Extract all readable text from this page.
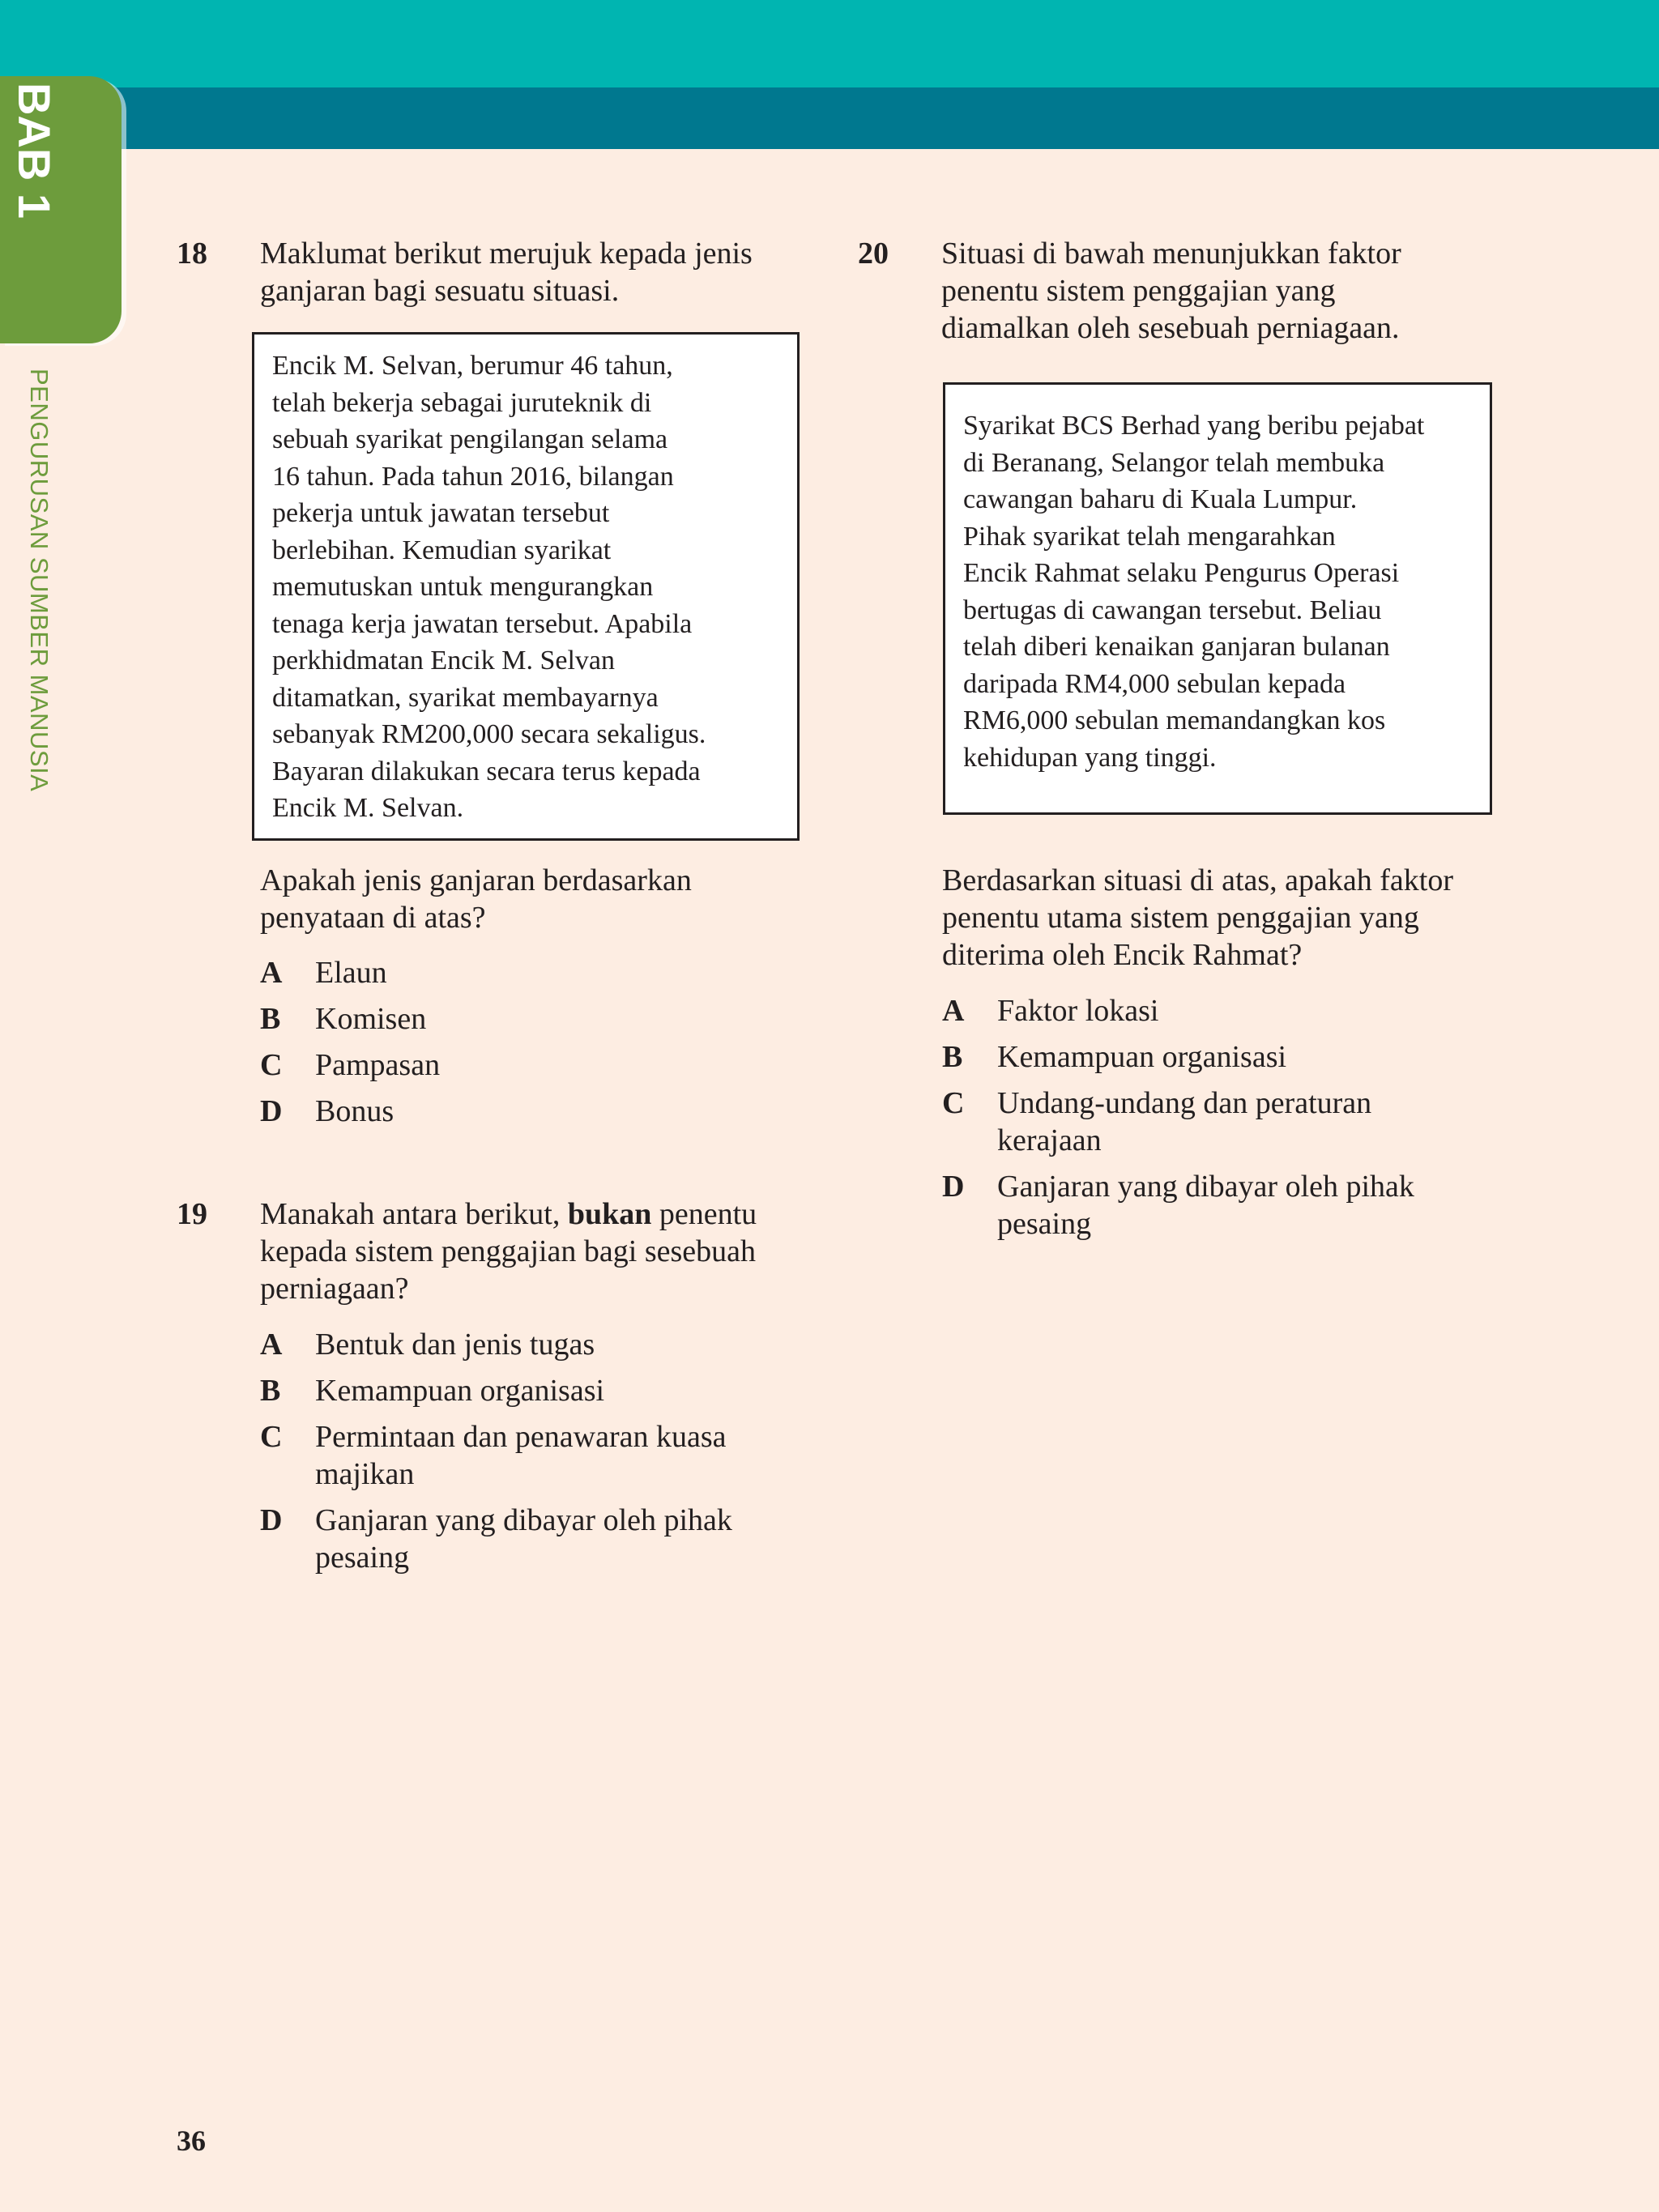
BAB 1
PENGURUSAN SUMBER MANUSIA
18 Maklumat berikut merujuk kepada jenis ganjaran bagi sesuatu situasi.
Encik M. Selvan, berumur 46 tahun,
telah bekerja sebagai juruteknik di
sebuah syarikat pengilangan selama
16 tahun. Pada tahun 2016, bilangan
pekerja untuk jawatan tersebut
berlebihan. Kemudian syarikat
memutuskan untuk mengurangkan
tenaga kerja jawatan tersebut. Apabila
perkhidmatan Encik M. Selvan
ditamatkan, syarikat membayarnya
sebanyak RM200,000 secara sekaligus.
Bayaran dilakukan secara terus kepada
Encik M. Selvan.
Apakah jenis ganjaran berdasarkan penyataan di atas?
A Elaun
B Komisen
C Pampasan
D Bonus
19 Manakah antara berikut, bukan penentu kepada sistem penggajian bagi sesebuah perniagaan?
A Bentuk dan jenis tugas
B Kemampuan organisasi
C Permintaan dan penawaran kuasa majikan
D Ganjaran yang dibayar oleh pihak pesaing
20 Situasi di bawah menunjukkan faktor penentu sistem penggajian yang diamalkan oleh sesebuah perniagaan.
Syarikat BCS Berhad yang beribu pejabat
di Beranang, Selangor telah membuka
cawangan baharu di Kuala Lumpur.
Pihak syarikat telah mengarahkan
Encik Rahmat selaku Pengurus Operasi
bertugas di cawangan tersebut. Beliau
telah diberi kenaikan ganjaran bulanan
daripada RM4,000 sebulan kepada
RM6,000 sebulan memandangkan kos
kehidupan yang tinggi.
Berdasarkan situasi di atas, apakah faktor penentu utama sistem penggajian yang diterima oleh Encik Rahmat?
A Faktor lokasi
B Kemampuan organisasi
C Undang-undang dan peraturan kerajaan
D Ganjaran yang dibayar oleh pihak pesaing
36
